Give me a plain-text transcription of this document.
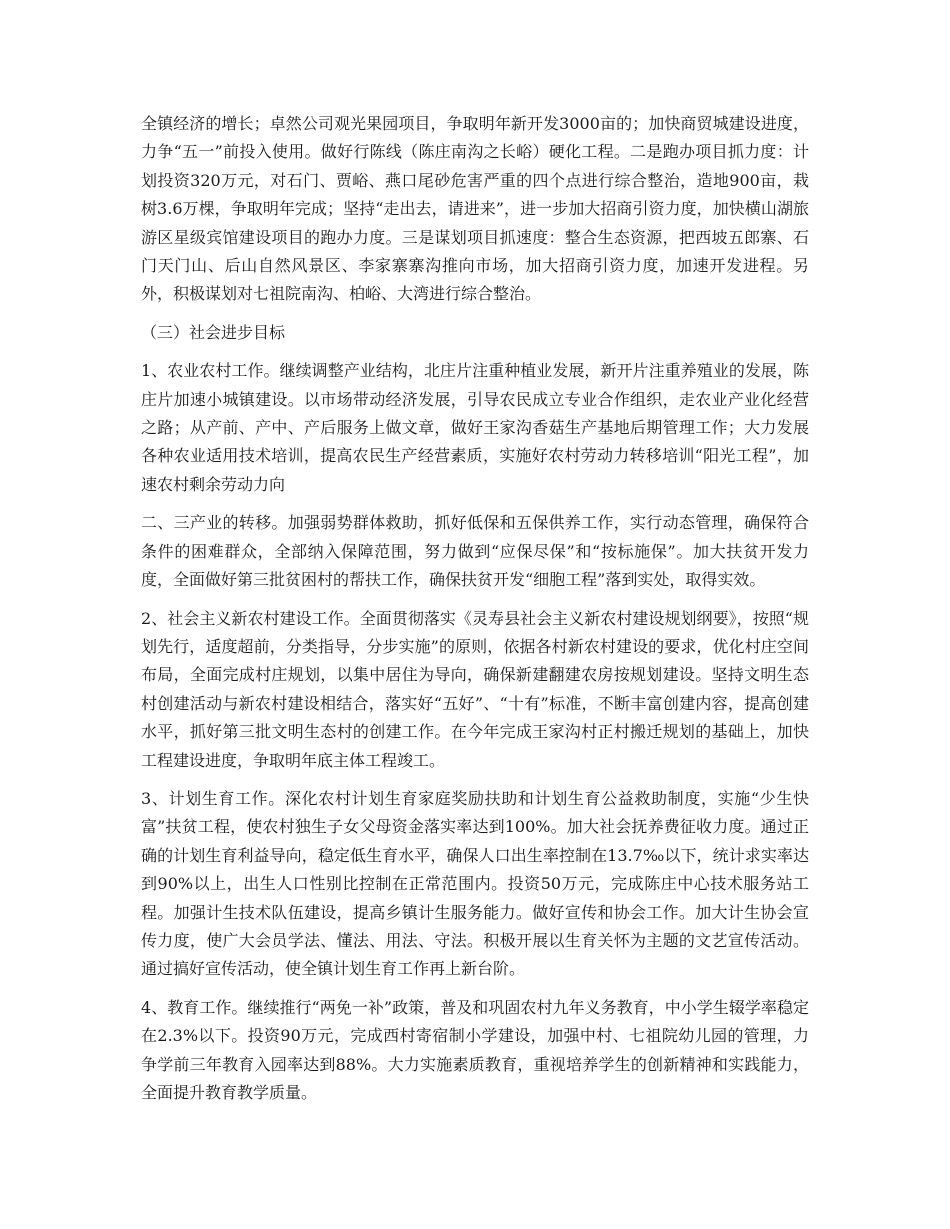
全镇经济的增长；卓然公司观光果园项目，争取明年新开发3000亩的；加快商贸城建设进度，力争“五一”前投入使用。做好行陈线（陈庄南沟之长峪）硬化工程。二是跑办项目抓力度：计划投资320万元，对石门、贾峪、燕口尾砂危害严重的四个点进行综合整治，造地900亩，栽树3.6万棵，争取明年完成；坚持“走出去，请进来”，进一步加大招商引资力度，加快横山湖旅游区星级宾馆建设项目的跑办力度。三是谋划项目抓速度：整合生态资源，把西坡五郎寨、石门天门山、后山自然风景区、李家寨寨沟推向市场，加大招商引资力度，加速开发进程。另外，积极谋划对七祖院南沟、柏峪、大湾进行综合整治。

（三）社会进步目标

1、农业农村工作。继续调整产业结构，北庄片注重种植业发展，新开片注重养殖业的发展，陈庄片加速小城镇建设。以市场带动经济发展，引导农民成立专业合作组织，走农业产业化经营之路；从产前、产中、产后服务上做文章，做好王家沟香菇生产基地后期管理工作；大力发展各种农业适用技术培训，提高农民生产经营素质，实施好农村劳动力转移培训“阳光工程”，加速农村剩余劳动力向

二、三产业的转移。加强弱势群体救助，抓好低保和五保供养工作，实行动态管理，确保符合条件的困难群众，全部纳入保障范围，努力做到“应保尽保”和“按标施保”。加大扶贫开发力度，全面做好第三批贫困村的帮扶工作，确保扶贫开发“细胞工程”落到实处，取得实效。

2、社会主义新农村建设工作。全面贯彻落实《灵寿县社会主义新农村建设规划纲要》，按照“规划先行，适度超前，分类指导，分步实施”的原则，依据各村新农村建设的要求，优化村庄空间布局，全面完成村庄规划，以集中居住为导向，确保新建翻建农房按规划建设。坚持文明生态村创建活动与新农村建设相结合，落实好“五好”、“十有”标准，不断丰富创建内容，提高创建水平，抓好第三批文明生态村的创建工作。在今年完成王家沟村正村搬迁规划的基础上，加快工程建设进度，争取明年底主体工程竣工。

3、计划生育工作。深化农村计划生育家庭奖励扶助和计划生育公益救助制度，实施“少生快富”扶贫工程，使农村独生子女父母资金落实率达到100%。加大社会抚养费征收力度。通过正确的计划生育利益导向，稳定低生育水平，确保人口出生率控制在13.7‰以下，统计求实率达到90%以上，出生人口性别比控制在正常范围内。投资50万元，完成陈庄中心技术服务站工程。加强计生技术队伍建设，提高乡镇计生服务能力。做好宣传和协会工作。加大计生协会宣传力度，使广大会员学法、懂法、用法、守法。积极开展以生育关怀为主题的文艺宣传活动。通过搞好宣传活动，使全镇计划生育工作再上新台阶。

4、教育工作。继续推行“两免一补”政策，普及和巩固农村九年义务教育，中小学生辍学率稳定在2.3%以下。投资90万元，完成西村寄宿制小学建设，加强中村、七祖院幼儿园的管理，力争学前三年教育入园率达到88%。大力实施素质教育，重视培养学生的创新精神和实践能力，全面提升教育教学质量。
